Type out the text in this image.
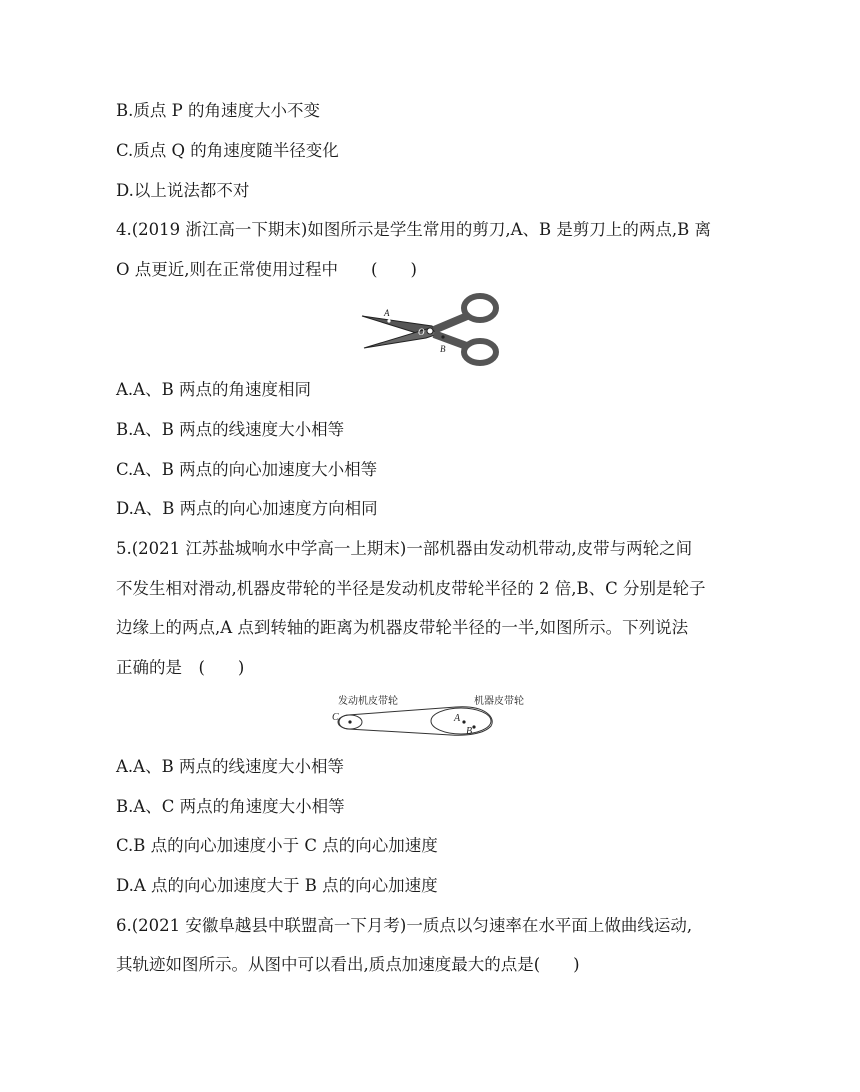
B.质点 P 的角速度大小不变
C.质点 Q 的角速度随半径变化
D.以上说法都不对
4.(2019 浙江高一下期末)如图所示是学生常用的剪刀,A、B 是剪刀上的两点,B 离
O 点更近,则在正常使用过程中　　(　　)
A
O
B
A.A、B 两点的角速度相同
B.A、B 两点的线速度大小相等
C.A、B 两点的向心加速度大小相等
D.A、B 两点的向心加速度方向相同
5.(2021 江苏盐城响水中学高一上期末)一部机器由发动机带动,皮带与两轮之间
不发生相对滑动,机器皮带轮的半径是发动机皮带轮半径的 2 倍,B、C 分别是轮子
边缘上的两点,A 点到转轴的距离为机器皮带轮半径的一半,如图所示。下列说法
正确的是　(　　)
发动机皮带轮	机器皮带轮
C	A
B
A.A、B 两点的线速度大小相等
B.A、C 两点的角速度大小相等
C.B 点的向心加速度小于 C 点的向心加速度
D.A 点的向心加速度大于 B 点的向心加速度
6.(2021 安徽阜越县中联盟高一下月考)一质点以匀速率在水平面上做曲线运动,
其轨迹如图所示。从图中可以看出,质点加速度最大的点是(　　)
